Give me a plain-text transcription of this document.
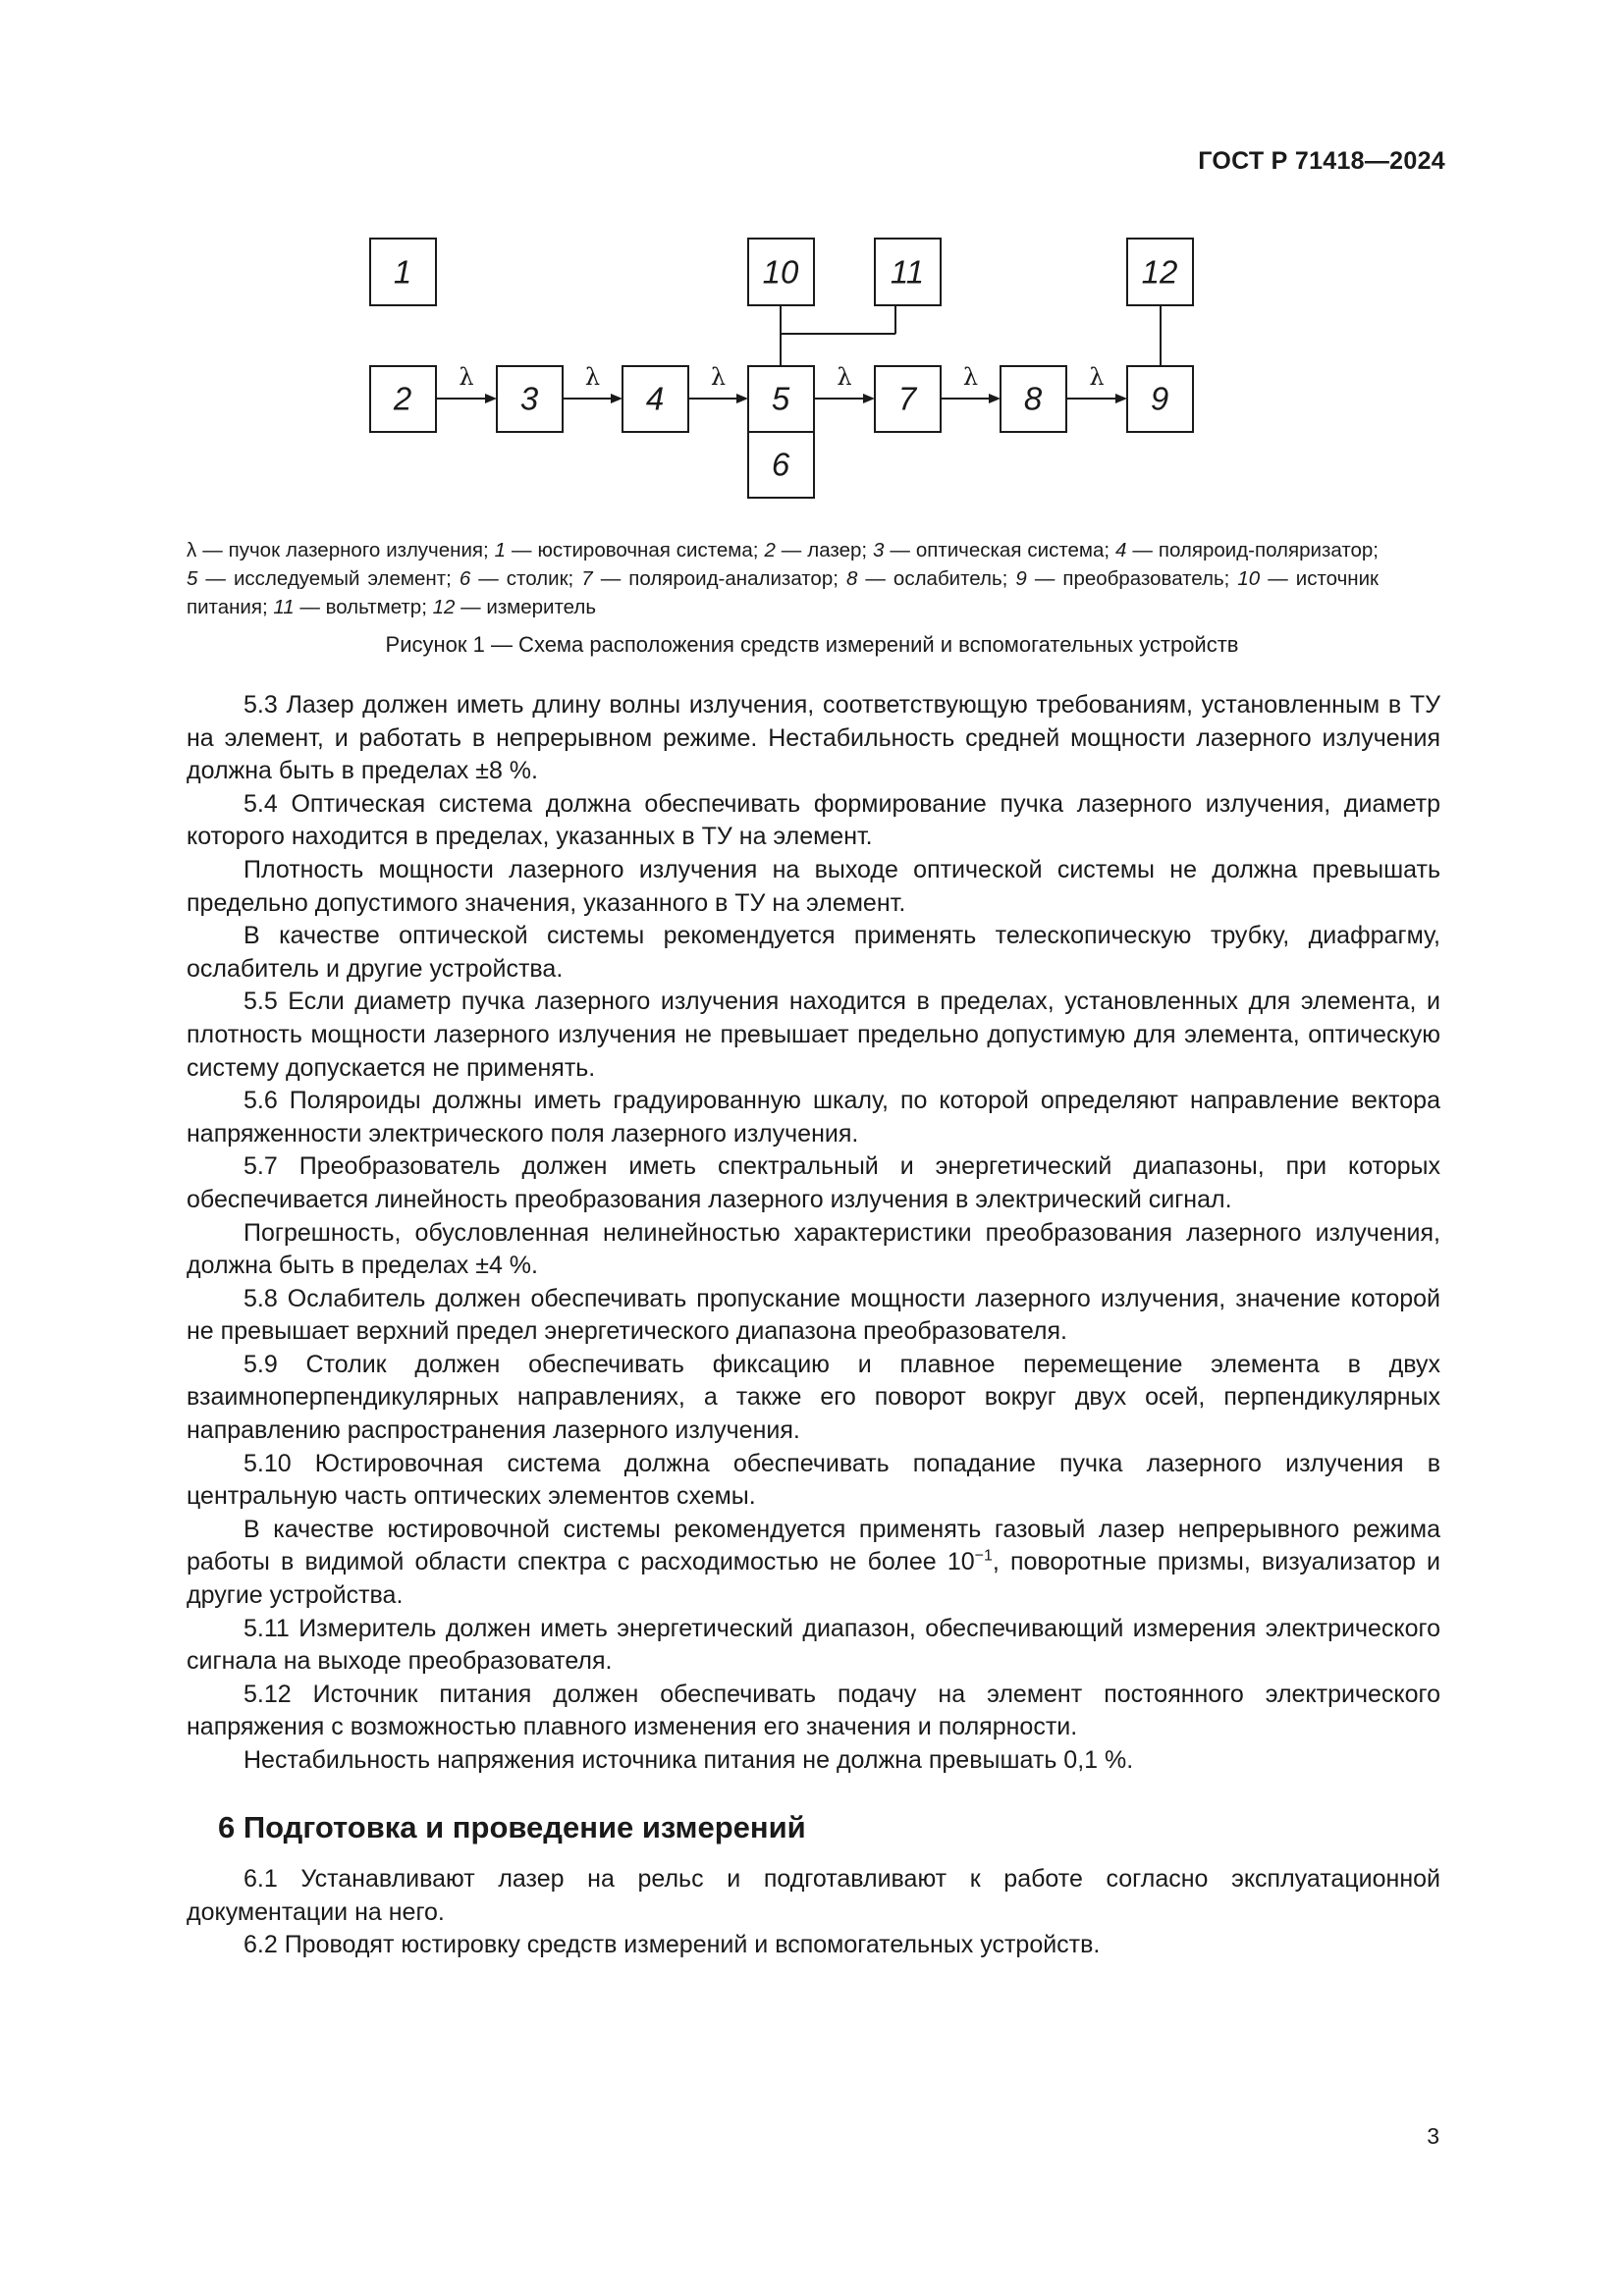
ГОСТ Р 71418—2024
λ	λ	λ	λ	λ	λ
1
2	3	4	5
6
7	8	9
10	11	12
λ — пучок лазерного излучения; 1 — юстировочная система; 2 — лазер; 3 — оптическая система; 4 — поляроид-поляризатор; 5 — исследуемый элемент; 6 — столик; 7 — поляроид-анализатор; 8 — ослабитель; 9 — преобразователь; 10 — источник питания; 11 — вольтметр; 12 — измеритель
Рисунок 1 — Схема расположения средств измерений и вспомогательных устройств

5.3 Лазер должен иметь длину волны излучения, соответствующую требованиям, установленным в ТУ на элемент, и работать в непрерывном режиме. Нестабильность средней мощности лазерного излучения должна быть в пределах ±8 %.

5.4 Оптическая система должна обеспечивать формирование пучка лазерного излучения, диаметр которого находится в пределах, указанных в ТУ на элемент.

Плотность мощности лазерного излучения на выходе оптической системы не должна превышать предельно допустимого значения, указанного в ТУ на элемент.

В качестве оптической системы рекомендуется применять телескопическую трубку, диафрагму, ослабитель и другие устройства.

5.5 Если диаметр пучка лазерного излучения находится в пределах, установленных для элемента, и плотность мощности лазерного излучения не превышает предельно допустимую для элемента, оптическую систему допускается не применять.

5.6 Поляроиды должны иметь градуированную шкалу, по которой определяют направление вектора напряженности электрического поля лазерного излучения.

5.7 Преобразователь должен иметь спектральный и энергетический диапазоны, при которых обеспечивается линейность преобразования лазерного излучения в электрический сигнал.

Погрешность, обусловленная нелинейностью характеристики преобразования лазерного излучения, должна быть в пределах ±4 %.

5.8 Ослабитель должен обеспечивать пропускание мощности лазерного излучения, значение которой не превышает верхний предел энергетического диапазона преобразователя.

5.9 Столик должен обеспечивать фиксацию и плавное перемещение элемента в двух взаимноперпендикулярных направлениях, а также его поворот вокруг двух осей, перпендикулярных направлению распространения лазерного излучения.

5.10 Юстировочная система должна обеспечивать попадание пучка лазерного излучения в центральную часть оптических элементов схемы.

В качестве юстировочной системы рекомендуется применять газовый лазер непрерывного режима работы в видимой области спектра с расходимостью не более $10^{-1}$, поворотные призмы, визуализатор и другие устройства.

5.11 Измеритель должен иметь энергетический диапазон, обеспечивающий измерения электрического сигнала на выходе преобразователя.

5.12 Источник питания должен обеспечивать подачу на элемент постоянного электрического напряжения с возможностью плавного изменения его значения и полярности.

Нестабильность напряжения источника питания не должна превышать 0,1 %.

6 Подготовка и проведение измерений

6.1 Устанавливают лазер на рельс и подготавливают к работе согласно эксплуатационной документации на него.

6.2 Проводят юстировку средств измерений и вспомогательных устройств.

3
